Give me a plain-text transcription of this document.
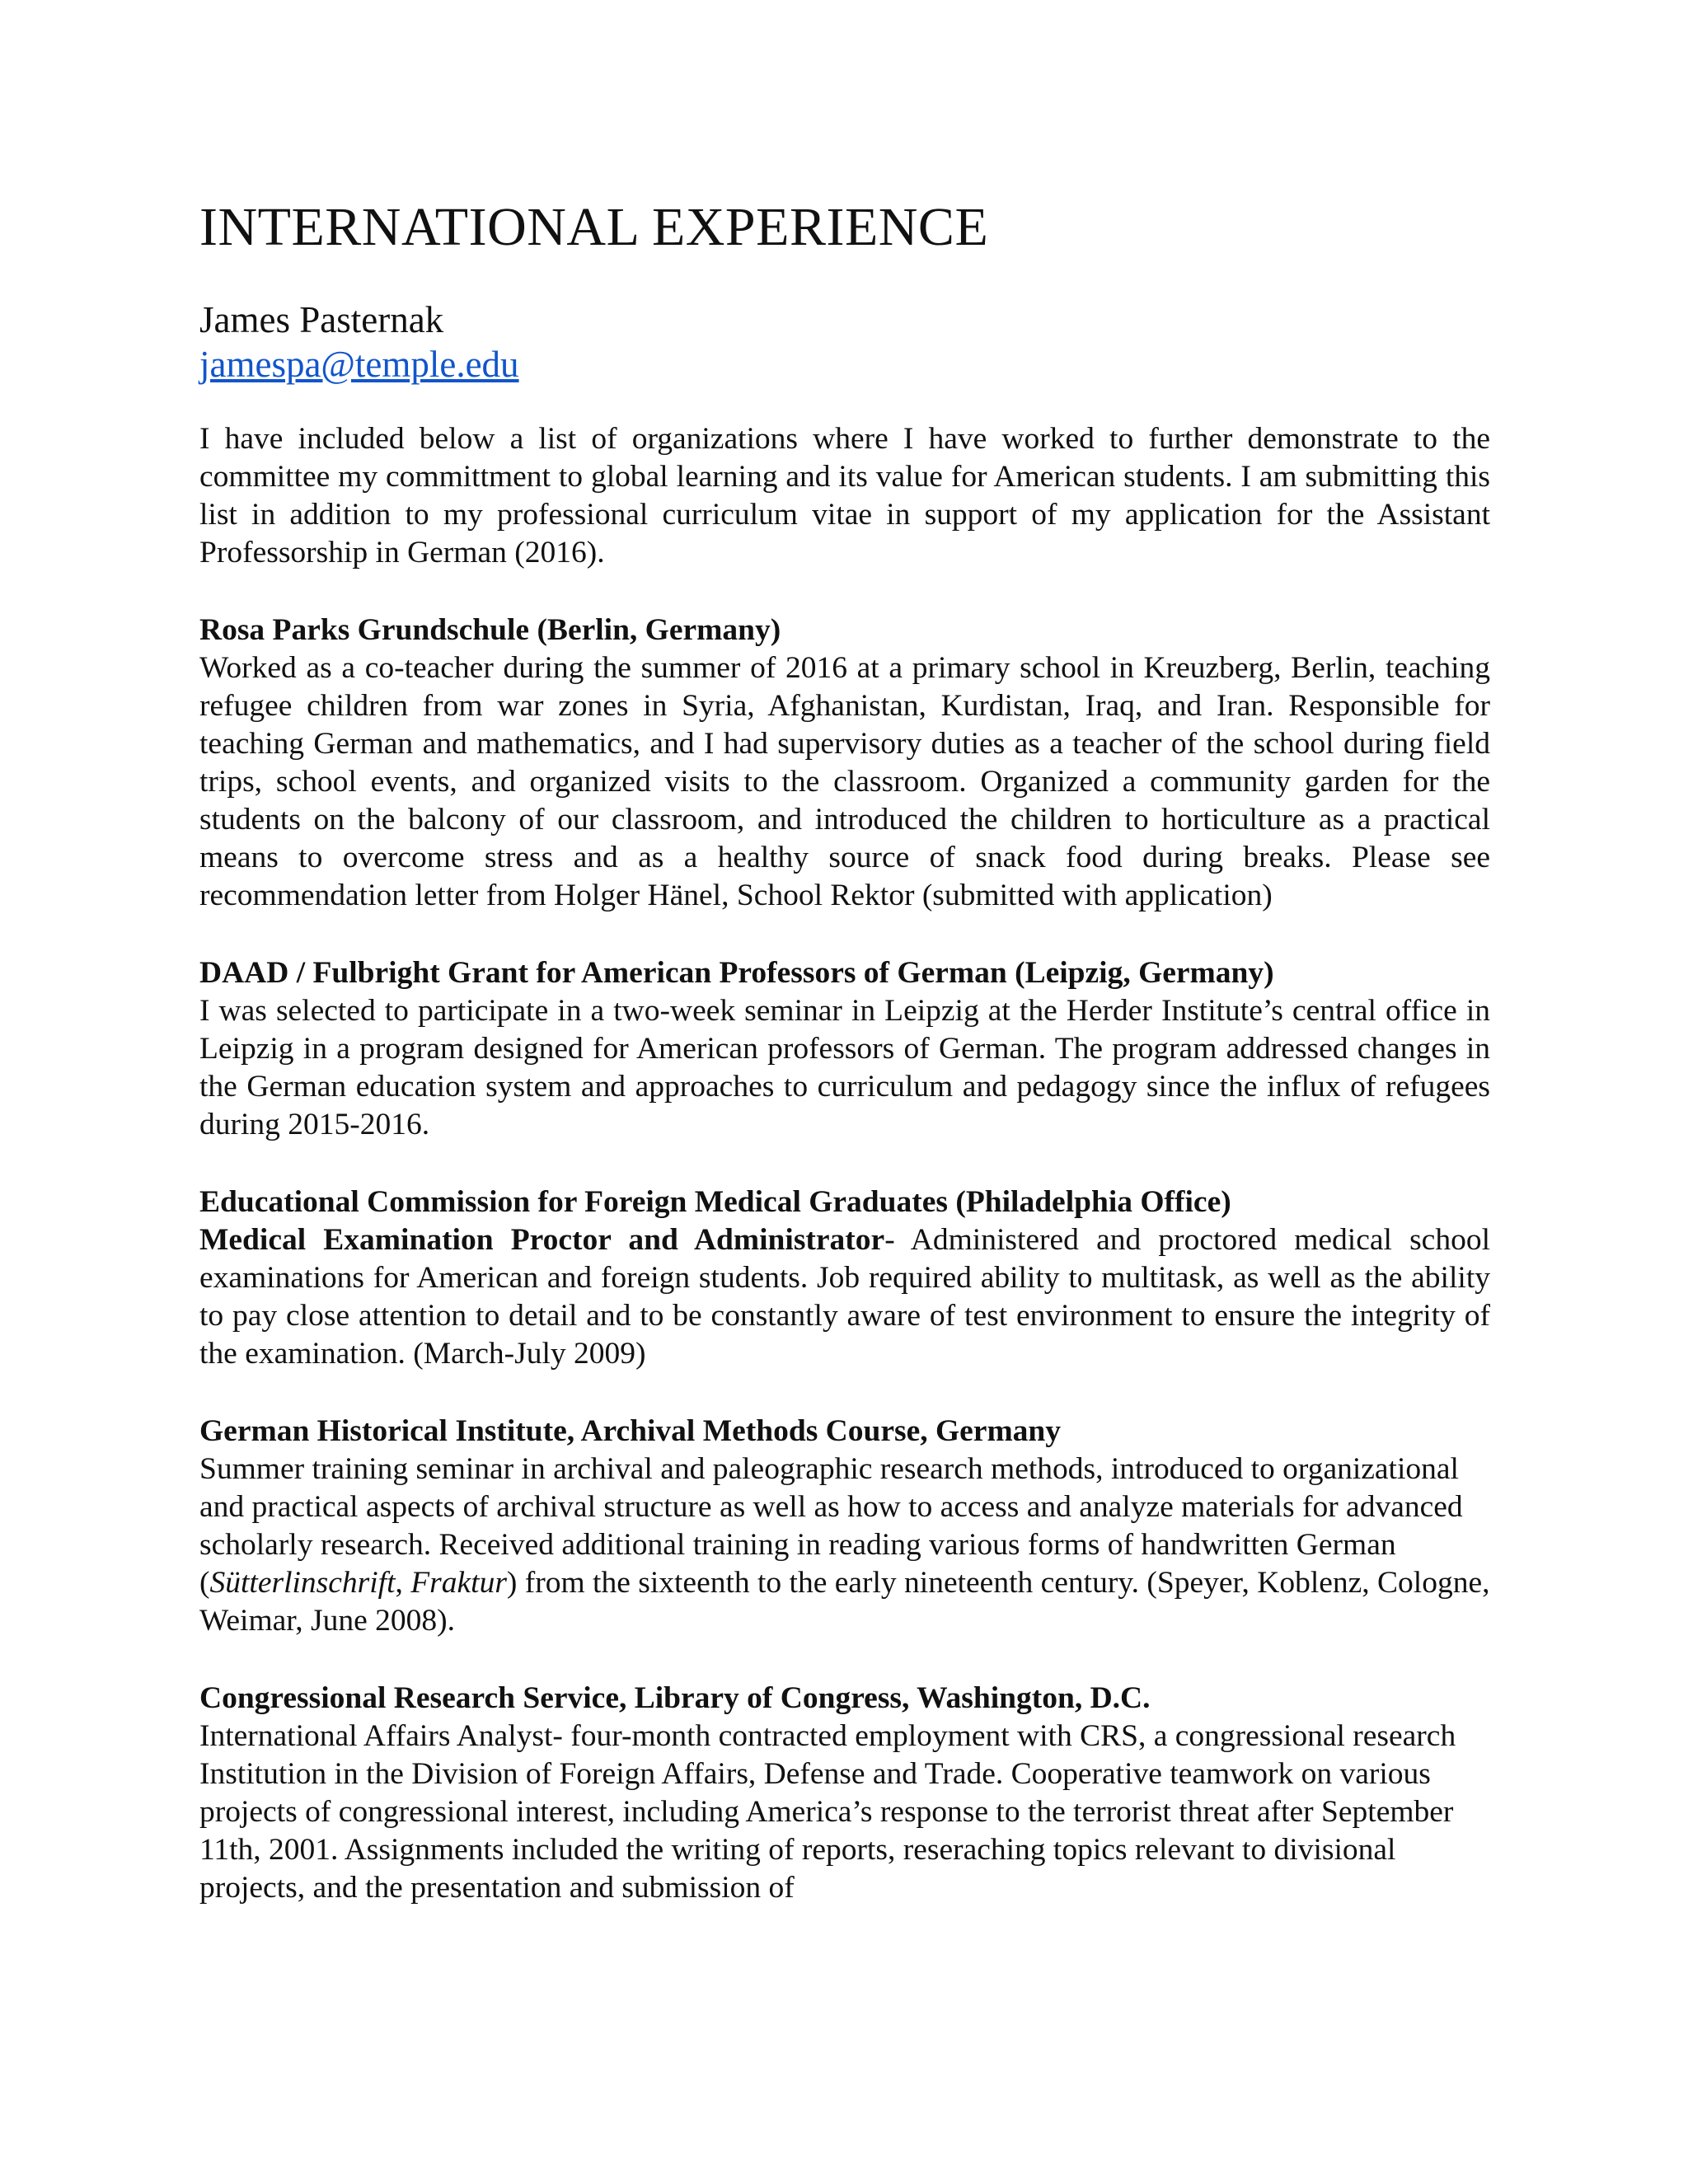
INTERNATIONAL EXPERIENCE
James Pasternak
jamespa@temple.edu
I have included below a list of organizations where I have worked to further demonstrate to the committee my committment to global learning and its value for American students. I am submitting this list in addition to my professional curriculum vitae in support of my application for the Assistant Professorship in German (2016).
Rosa Parks Grundschule (Berlin, Germany)
Worked as a co-teacher during the summer of 2016 at a primary school in Kreuzberg, Berlin, teaching refugee children from war zones in Syria, Afghanistan, Kurdistan, Iraq, and Iran. Responsible for teaching German and mathematics, and I had supervisory duties as a teacher of the school during field trips, school events, and organized visits to the classroom. Organized a community garden for the students on the balcony of our classroom, and introduced the children to horticulture as a practical means to overcome stress and as a healthy source of snack food during breaks. Please see recommendation letter from Holger Hänel, School Rektor (submitted with application)
DAAD / Fulbright Grant for American Professors of German (Leipzig, Germany)
I was selected to participate in a two-week seminar in Leipzig at the Herder Institute’s central office in Leipzig in a program designed for American professors of German. The program addressed changes in the German education system and approaches to curriculum and pedagogy since the influx of refugees during 2015-2016.
Educational Commission for Foreign Medical Graduates (Philadelphia Office)
Medical Examination Proctor and Administrator- Administered and proctored medical school examinations for American and foreign students. Job required ability to multitask, as well as the ability to pay close attention to detail and to be constantly aware of test environment to ensure the integrity of the examination. (March-July 2009)
German Historical Institute, Archival Methods Course, Germany
Summer training seminar in archival and paleographic research methods, introduced to organizational and practical aspects of archival structure as well as how to access and analyze materials for advanced scholarly research. Received additional training in reading various forms of handwritten German (Sütterlinschrift, Fraktur) from the sixteenth to the early nineteenth century. (Speyer, Koblenz, Cologne, Weimar, June 2008).
Congressional Research Service, Library of Congress, Washington, D.C.
International Affairs Analyst- four-month contracted employment with CRS, a congressional research Institution in the Division of Foreign Affairs, Defense and Trade. Cooperative teamwork on various projects of congressional interest, including America’s response to the terrorist threat after September 11th, 2001. Assignments included the writing of reports, reseraching topics relevant to divisional projects, and the presentation and submission of
